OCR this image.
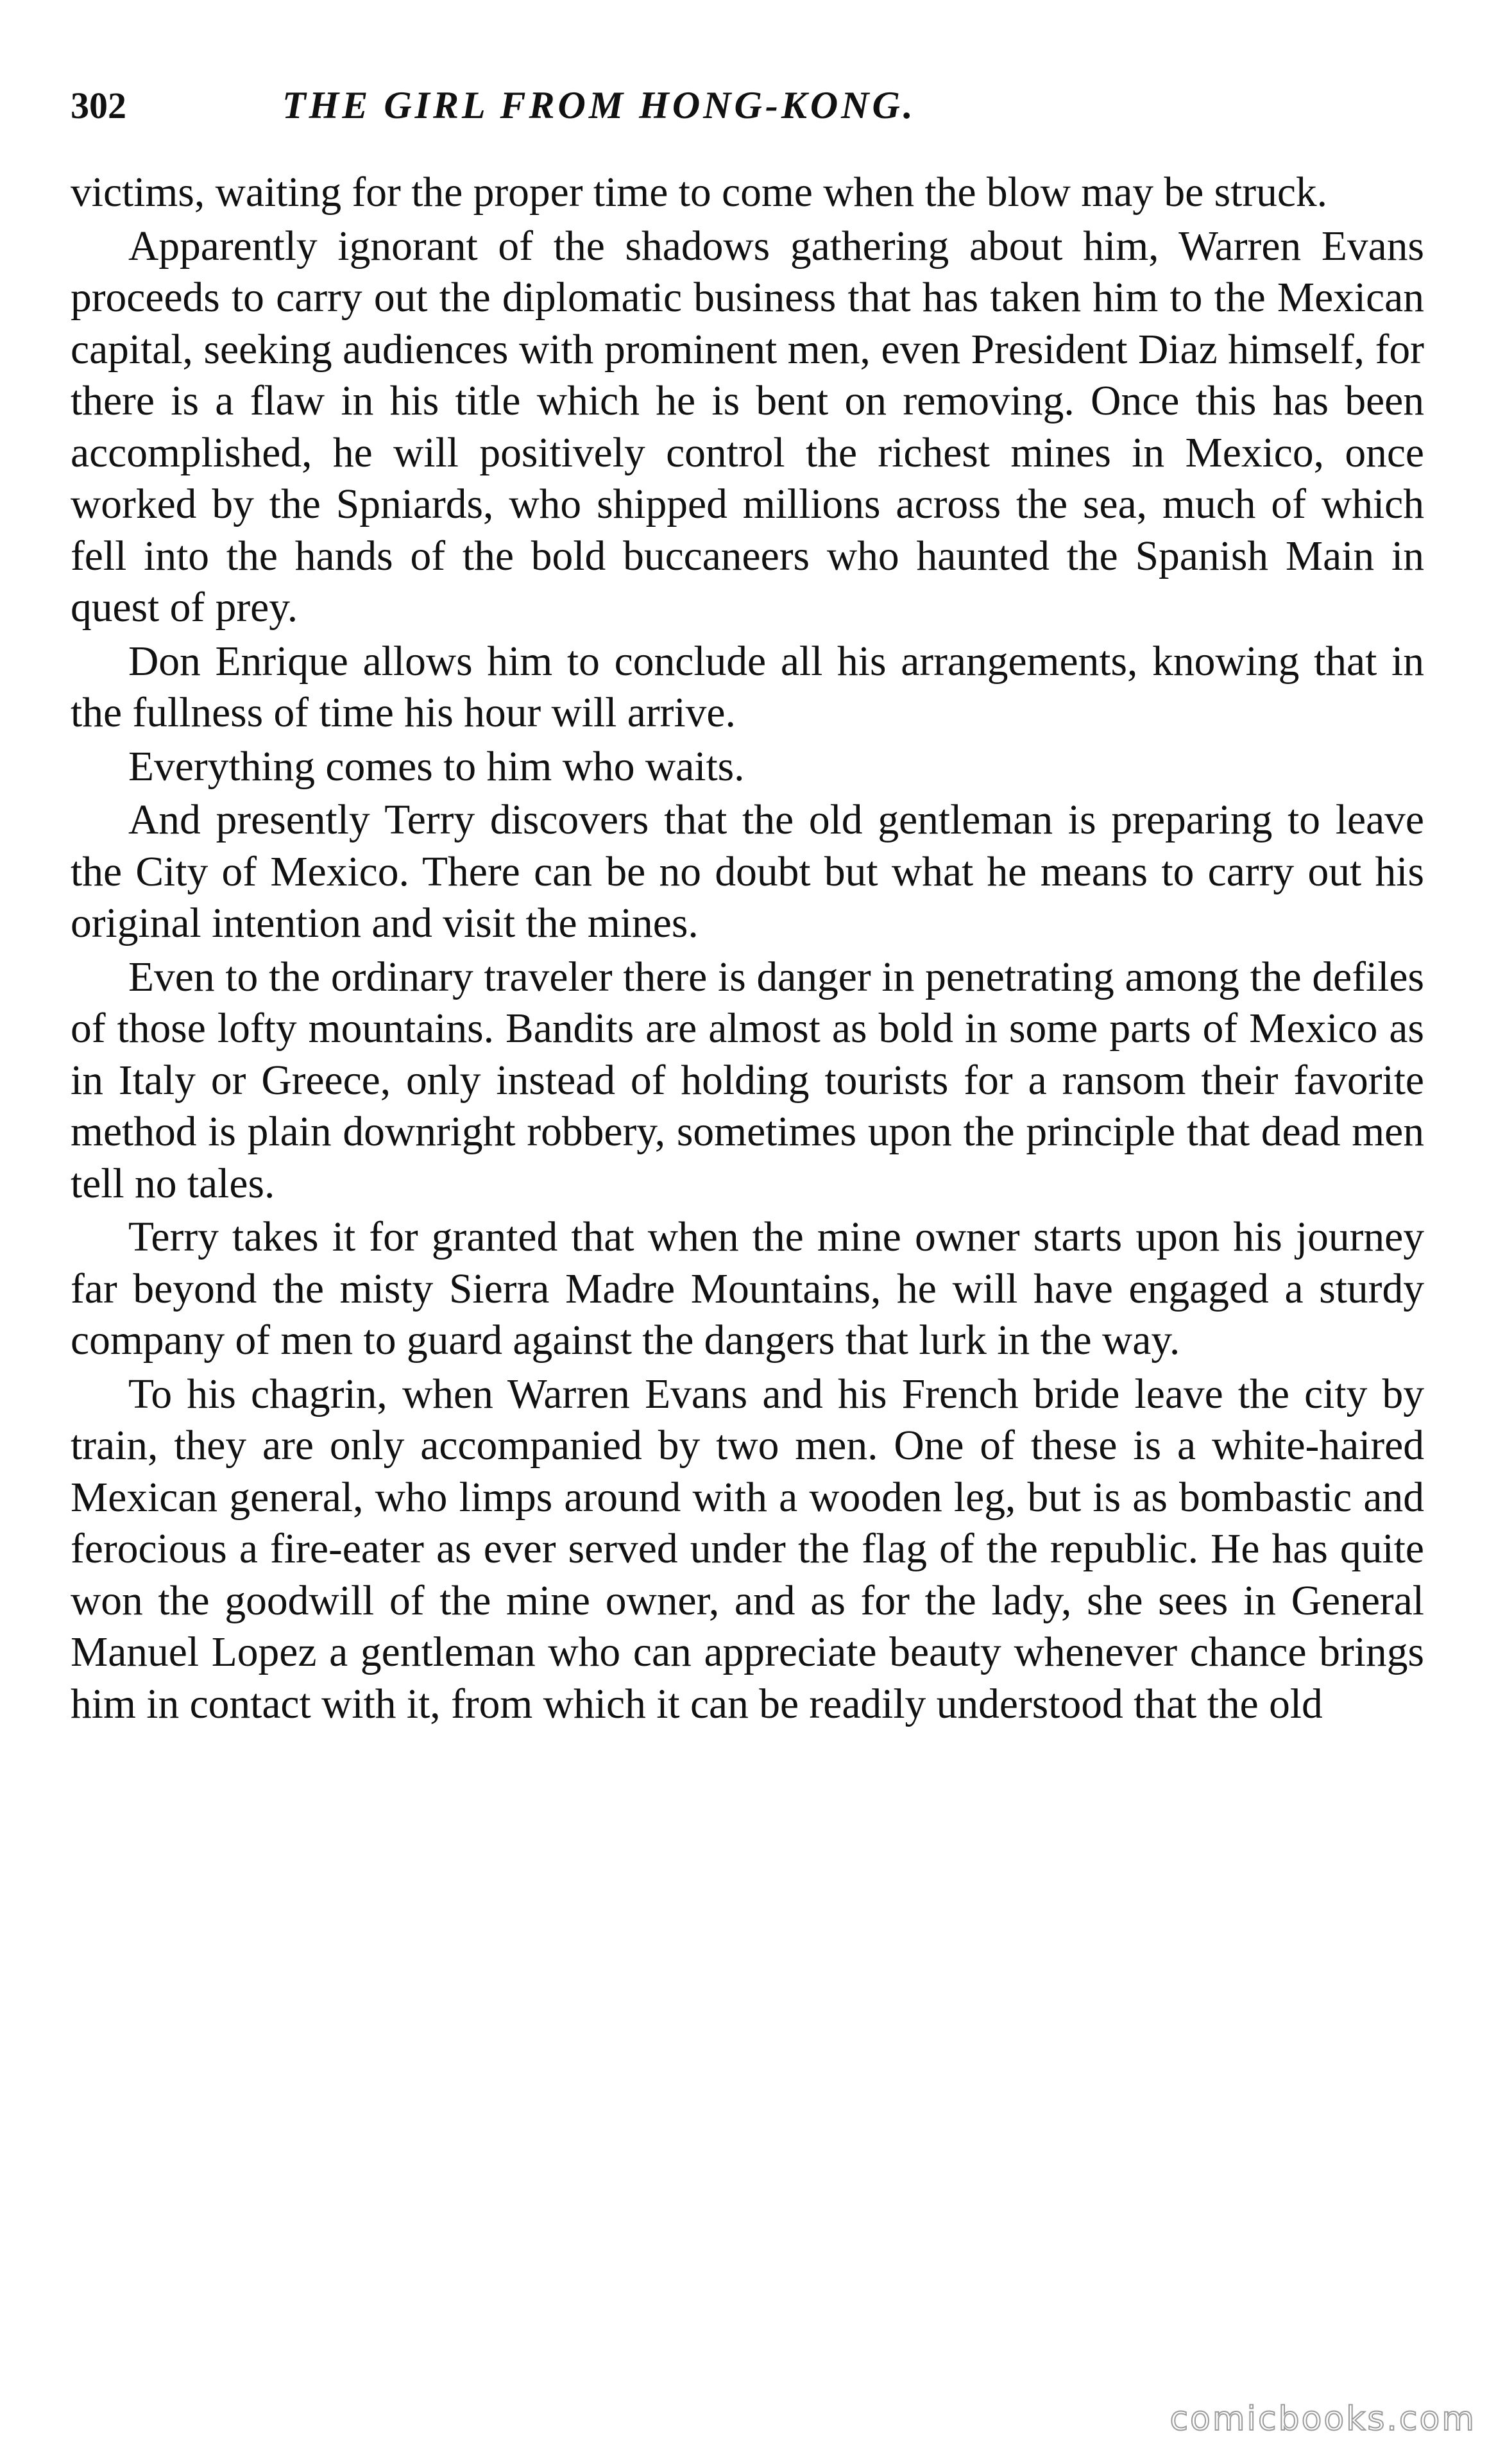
302	THE GIRL FROM HONG-KONG.

victims, waiting for the proper time to come when the blow may be struck.

Apparently ignorant of the shadows gathering about him, Warren Evans proceeds to carry out the diplomatic business that has taken him to the Mexican capital, seeking audiences with prominent men, even President Diaz himself, for there is a flaw in his title which he is bent on removing. Once this has been accomplished, he will positively control the richest mines in Mexico, once worked by the Spniards, who shipped millions across the sea, much of which fell into the hands of the bold buccaneers who haunted the Spanish Main in quest of prey.

Don Enrique allows him to conclude all his arrangements, knowing that in the fullness of time his hour will arrive.

Everything comes to him who waits.

And presently Terry discovers that the old gentleman is preparing to leave the City of Mexico. There can be no doubt but what he means to carry out his original intention and visit the mines.

Even to the ordinary traveler there is danger in penetrating among the defiles of those lofty mountains. Bandits are almost as bold in some parts of Mexico as in Italy or Greece, only instead of holding tourists for a ransom their favorite method is plain downright robbery, sometimes upon the principle that dead men tell no tales.

Terry takes it for granted that when the mine owner starts upon his journey far beyond the misty Sierra Madre Mountains, he will have engaged a sturdy company of men to guard against the dangers that lurk in the way.

To his chagrin, when Warren Evans and his French bride leave the city by train, they are only accompanied by two men. One of these is a white-haired Mexican general, who limps around with a wooden leg, but is as bombastic and ferocious a fire-eater as ever served under the flag of the republic. He has quite won the goodwill of the mine owner, and as for the lady, she sees in General Manuel Lopez a gentleman who can appreciate beauty whenever chance brings him in contact with it, from which it can be readily understood that the old

comicbooks.com
